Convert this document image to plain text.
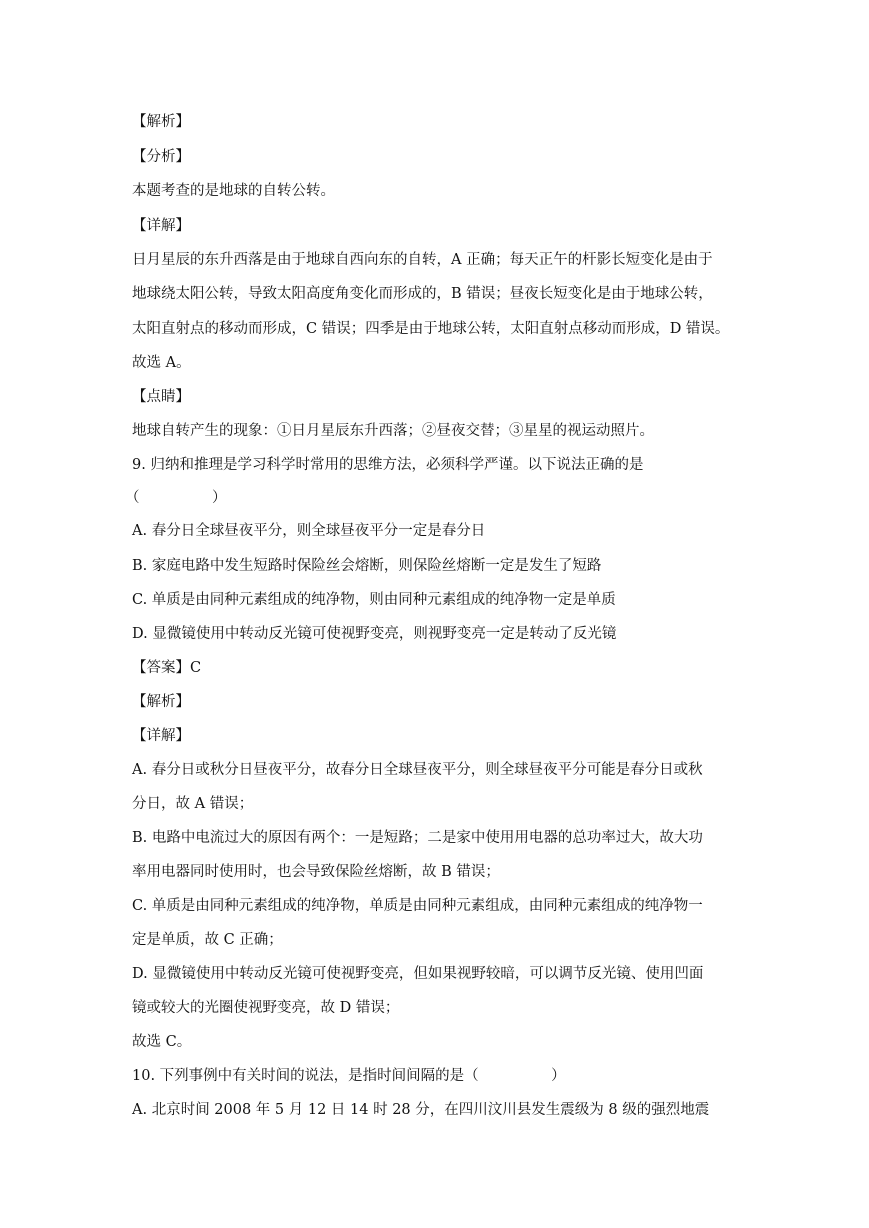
【解析】
【分析】
本题考查的是地球的自转公转。
【详解】
日月星辰的东升西落是由于地球自西向东的自转，A 正确；每天正午的杆影长短变化是由于
地球绕太阳公转，导致太阳高度角变化而形成的，B 错误；昼夜长短变化是由于地球公转，
太阳直射点的移动而形成，C 错误；四季是由于地球公转，太阳直射点移动而形成，D 错误。
故选 A。
【点睛】
地球自转产生的现象：①日月星辰东升西落；②昼夜交替；③星星的视运动照片。
9. 归纳和推理是学习科学时常用的思维方法，必须科学严谨。以下说法正确的是
（　　　　　）
A. 春分日全球昼夜平分，则全球昼夜平分一定是春分日
B. 家庭电路中发生短路时保险丝会熔断，则保险丝熔断一定是发生了短路
C. 单质是由同种元素组成的纯净物，则由同种元素组成的纯净物一定是单质
D. 显微镜使用中转动反光镜可使视野变亮，则视野变亮一定是转动了反光镜
【答案】C
【解析】
【详解】
A. 春分日或秋分日昼夜平分，故春分日全球昼夜平分，则全球昼夜平分可能是春分日或秋
分日，故 A 错误；
B. 电路中电流过大的原因有两个：一是短路；二是家中使用用电器的总功率过大，故大功
率用电器同时使用时，也会导致保险丝熔断，故 B 错误；
C. 单质是由同种元素组成的纯净物，单质是由同种元素组成，由同种元素组成的纯净物一
定是单质，故 C 正确；
D. 显微镜使用中转动反光镜可使视野变亮，但如果视野较暗，可以调节反光镜、使用凹面
镜或较大的光圈使视野变亮，故 D 错误；
故选 C。
10. 下列事例中有关时间的说法，是指时间间隔的是（　　　　　）
A. 北京时间 2008 年 5 月 12 日 14 时 28 分，在四川汶川县发生震级为 8 级的强烈地震
